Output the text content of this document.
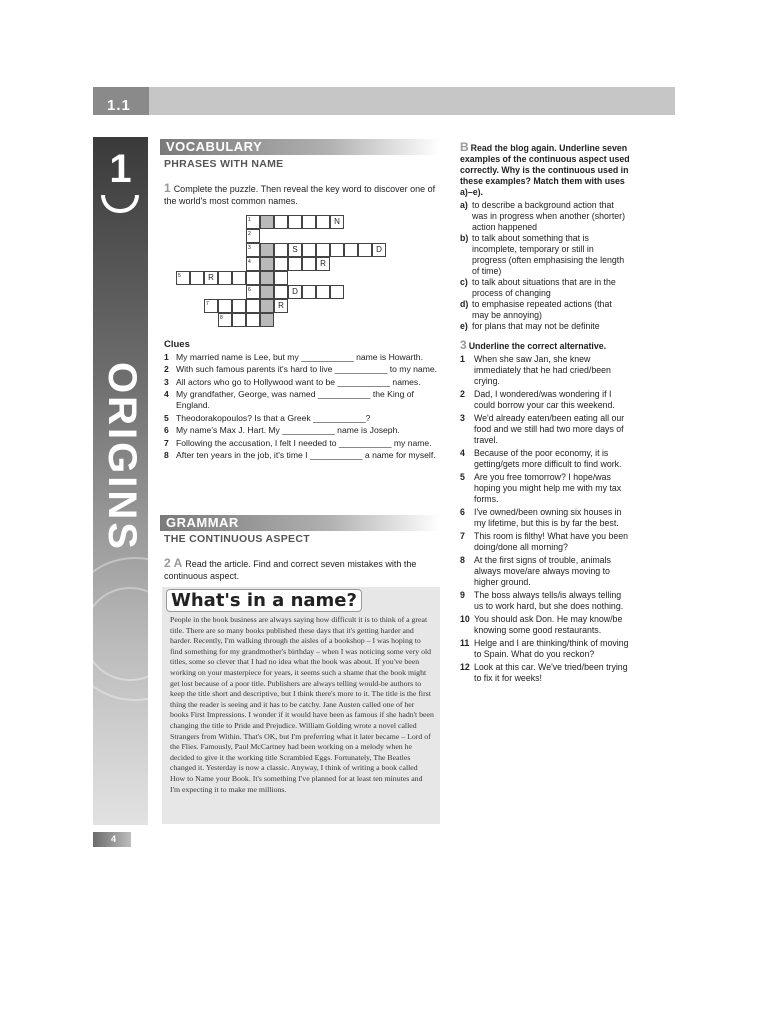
1.1
1
ORIGINS
VOCABULARY
PHRASES WITH NAME
1 Complete the puzzle. Then reveal the key word to discover one of the world's most common names.
1	N
2
3	S	D
4	R
5	R
6	D
7	R
8
Clues
1 My married name is Lee, but my ___________ name is Howarth.
2 With such famous parents it's hard to live ___________ to my name.
3 All actors who go to Hollywood want to be ___________ names.
4 My grandfather, George, was named ___________ the King of England.
5 Theodorakopoulos? Is that a Greek ___________?
6 My name's Max J. Hart. My ___________ name is Joseph.
7 Following the accusation, I felt I needed to ___________ my name.
8 After ten years in the job, it's time I ___________ a name for myself.
GRAMMAR
THE CONTINUOUS ASPECT
2 A Read the article. Find and correct seven mistakes with the continuous aspect.
What's in a name?
People in the book business are always saying how difficult it is to think of a great title. There are so many books published these days that it's getting harder and harder. Recently, I'm walking through the aisles of a bookshop – I was hoping to find something for my grandmother's birthday – when I was noticing some very old titles, some so clever that I had no idea what the book was about. If you've been working on your masterpiece for years, it seems such a shame that the book might get lost because of a poor title. Publishers are always telling would-be authors to keep the title short and descriptive, but I think there's more to it. The title is the first thing the reader is seeing and it has to be catchy. Jane Austen called one of her books First Impressions. I wonder if it would have been as famous if she hadn't been changing the title to Pride and Prejudice. William Golding wrote a novel called Strangers from Within. That's OK, but I'm preferring what it later became – Lord of the Flies. Famously, Paul McCartney had been working on a melody when he decided to give it the working title Scrambled Eggs. Fortunately, The Beatles changed it. Yesterday is now a classic. Anyway, I think of writing a book called How to Name your Book. It's something I've planned for at least ten minutes and I'm expecting it to make me millions.
B Read the blog again. Underline seven examples of the continuous aspect used correctly. Why is the continuous used in these examples? Match them with uses a)–e).
a) to describe a background action that was in progress when another (shorter) action happened
b) to talk about something that is incomplete, temporary or still in progress (often emphasising the length of time)
c) to talk about situations that are in the process of changing
d) to emphasise repeated actions (that may be annoying)
e) for plans that may not be definite
3 Underline the correct alternative.
1 When she saw Jan, she knew immediately that he had cried/been crying.
2 Dad, I wondered/was wondering if I could borrow your car this weekend.
3 We'd already eaten/been eating all our food and we still had two more days of travel.
4 Because of the poor economy, it is getting/gets more difficult to find work.
5 Are you free tomorrow? I hope/was hoping you might help me with my tax forms.
6 I've owned/been owning six houses in my lifetime, but this is by far the best.
7 This room is filthy! What have you been doing/done all morning?
8 At the first signs of trouble, animals always move/are always moving to higher ground.
9 The boss always tells/is always telling us to work hard, but she does nothing.
10 You should ask Don. He may know/be knowing some good restaurants.
11 Helge and I are thinking/think of moving to Spain. What do you reckon?
12 Look at this car. We've tried/been trying to fix it for weeks!
4
